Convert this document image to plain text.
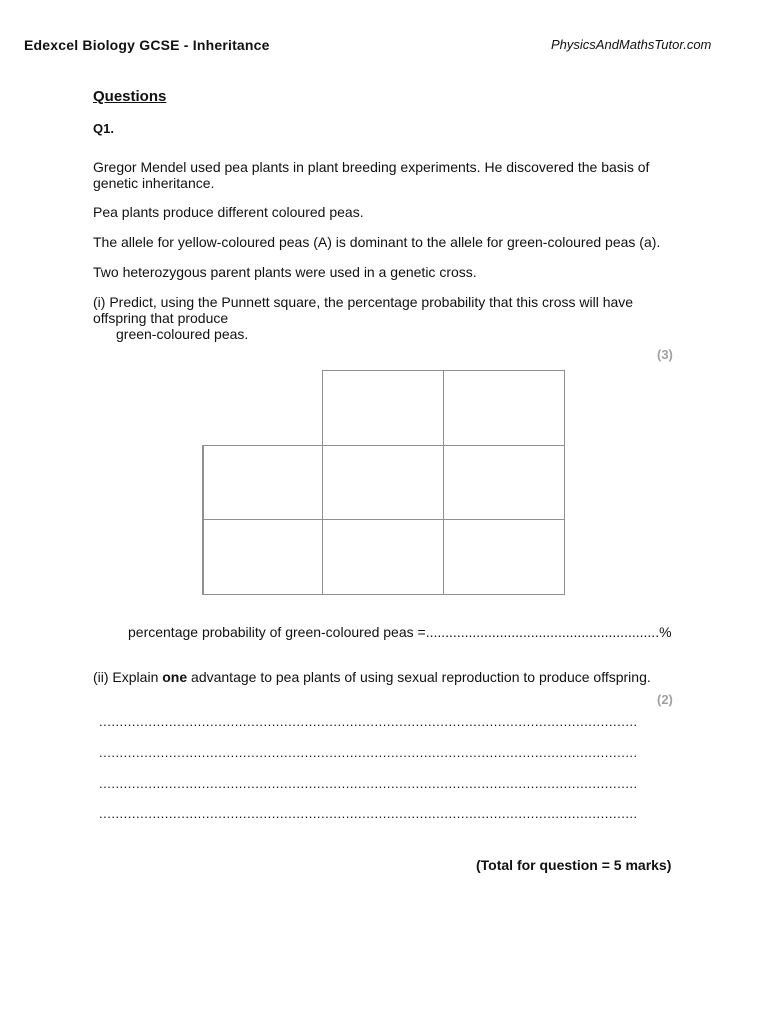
Edexcel Biology GCSE - Inheritance	PhysicsAndMathsTutor.com
Questions
Q1.
Gregor Mendel used pea plants in plant breeding experiments. He discovered the basis of
genetic inheritance.
Pea plants produce different coloured peas.
The allele for yellow-coloured peas (A) is dominant to the allele for green-coloured peas (a).
Two heterozygous parent plants were used in a genetic cross.
(i) Predict, using the Punnett square, the percentage probability that this cross will have
offspring that produce
green-coloured peas.
(3)
percentage probability of green-coloured peas =............................................................%
(ii) Explain one advantage to pea plants of using sexual reproduction to produce offspring.
(2)
...................................................................................................................................
...................................................................................................................................
...................................................................................................................................
...................................................................................................................................
(Total for question = 5 marks)
